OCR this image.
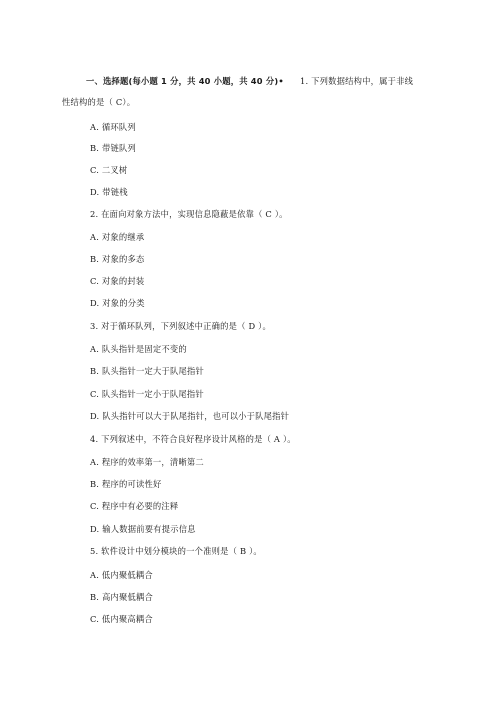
一、选择题(每小题 1 分，共 40 小题，共 40 分)• 1. 下列数据结构中，属于非线
性结构的是（ C）。
A. 循环队列
B. 带链队列
C. 二叉树
D. 带链栈
2. 在面向对象方法中，实现信息隐蔽是依靠（ C ）。
A. 对象的继承
B. 对象的多态
C. 对象的封装
D. 对象的分类
3. 对于循环队列，下列叙述中正确的是（ D ）。
A. 队头指针是固定不变的
B. 队头指针一定大于队尾指针
C. 队头指针一定小于队尾指针
D. 队头指针可以大于队尾指针，也可以小于队尾指针
4. 下列叙述中，不符合良好程序设计风格的是（ A ）。
A. 程序的效率第一，清晰第二
B. 程序的可读性好
C. 程序中有必要的注释
D. 输人数据前要有提示信息
5. 软件设计中划分模块的一个准则是（ B ）。
A. 低内聚低耦合
B. 高内聚低耦合
C. 低内聚高耦合
